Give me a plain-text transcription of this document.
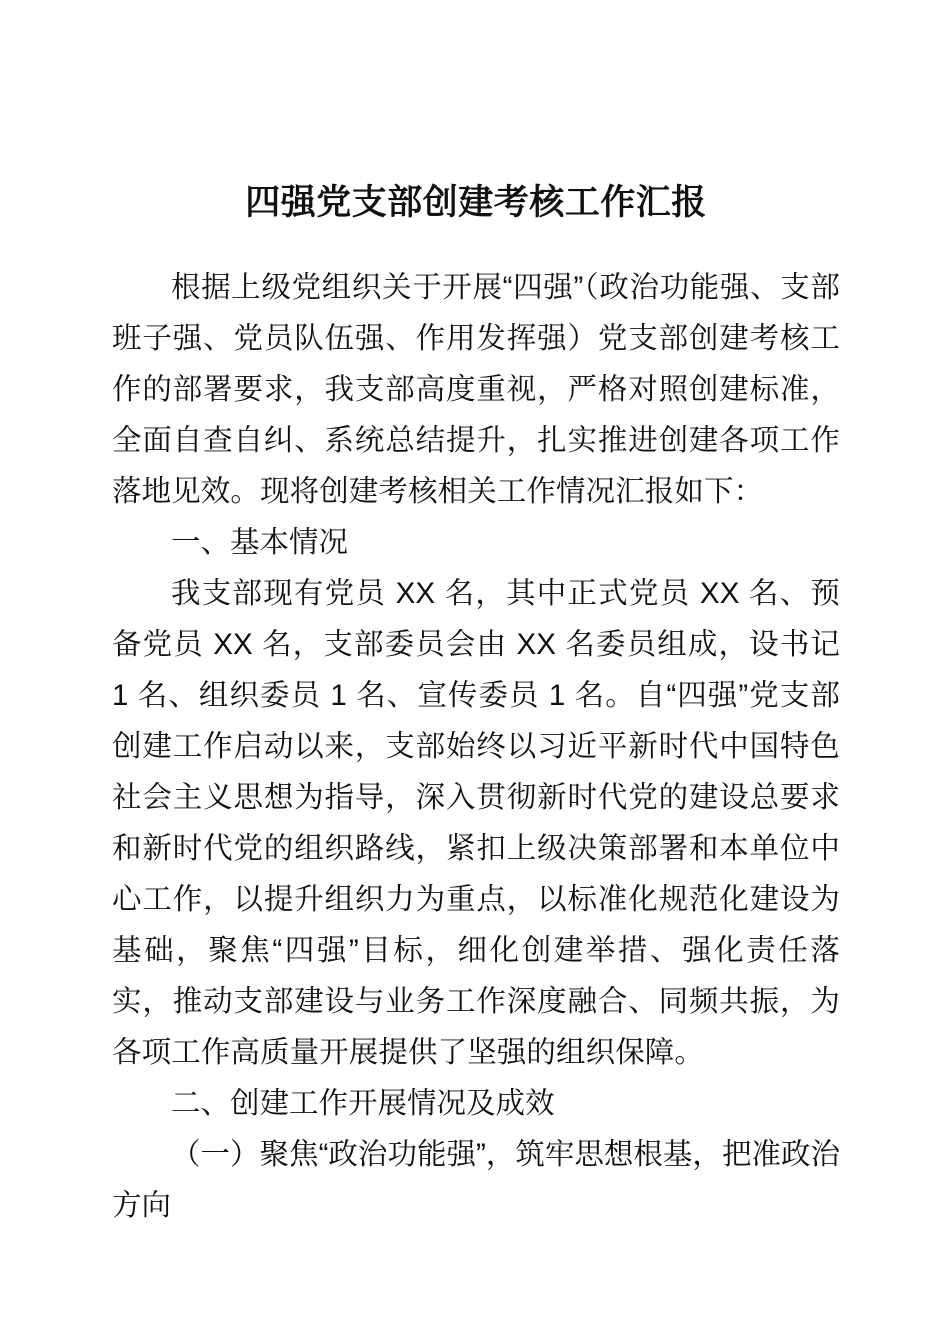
四强党支部创建考核工作汇报

根据上级党组织关于开展“四强”（政治功能强、支部班子强、党员队伍强、作用发挥强）党支部创建考核工作的部署要求，我支部高度重视，严格对照创建标准，全面自查自纠、系统总结提升，扎实推进创建各项工作落地见效。现将创建考核相关工作情况汇报如下：

一、基本情况

我支部现有党员 XX 名，其中正式党员 XX 名、预备党员 XX 名，支部委员会由 XX 名委员组成，设书记 1 名、组织委员 1 名、宣传委员 1 名。自“四强”党支部创建工作启动以来，支部始终以习近平新时代中国特色社会主义思想为指导，深入贯彻新时代党的建设总要求和新时代党的组织路线，紧扣上级决策部署和本单位中心工作，以提升组织力为重点，以标准化规范化建设为基础，聚焦“四强”目标，细化创建举措、强化责任落实，推动支部建设与业务工作深度融合、同频共振，为各项工作高质量开展提供了坚强的组织保障。

二、创建工作开展情况及成效

（一）聚焦“政治功能强”，筑牢思想根基，把准政治方向
